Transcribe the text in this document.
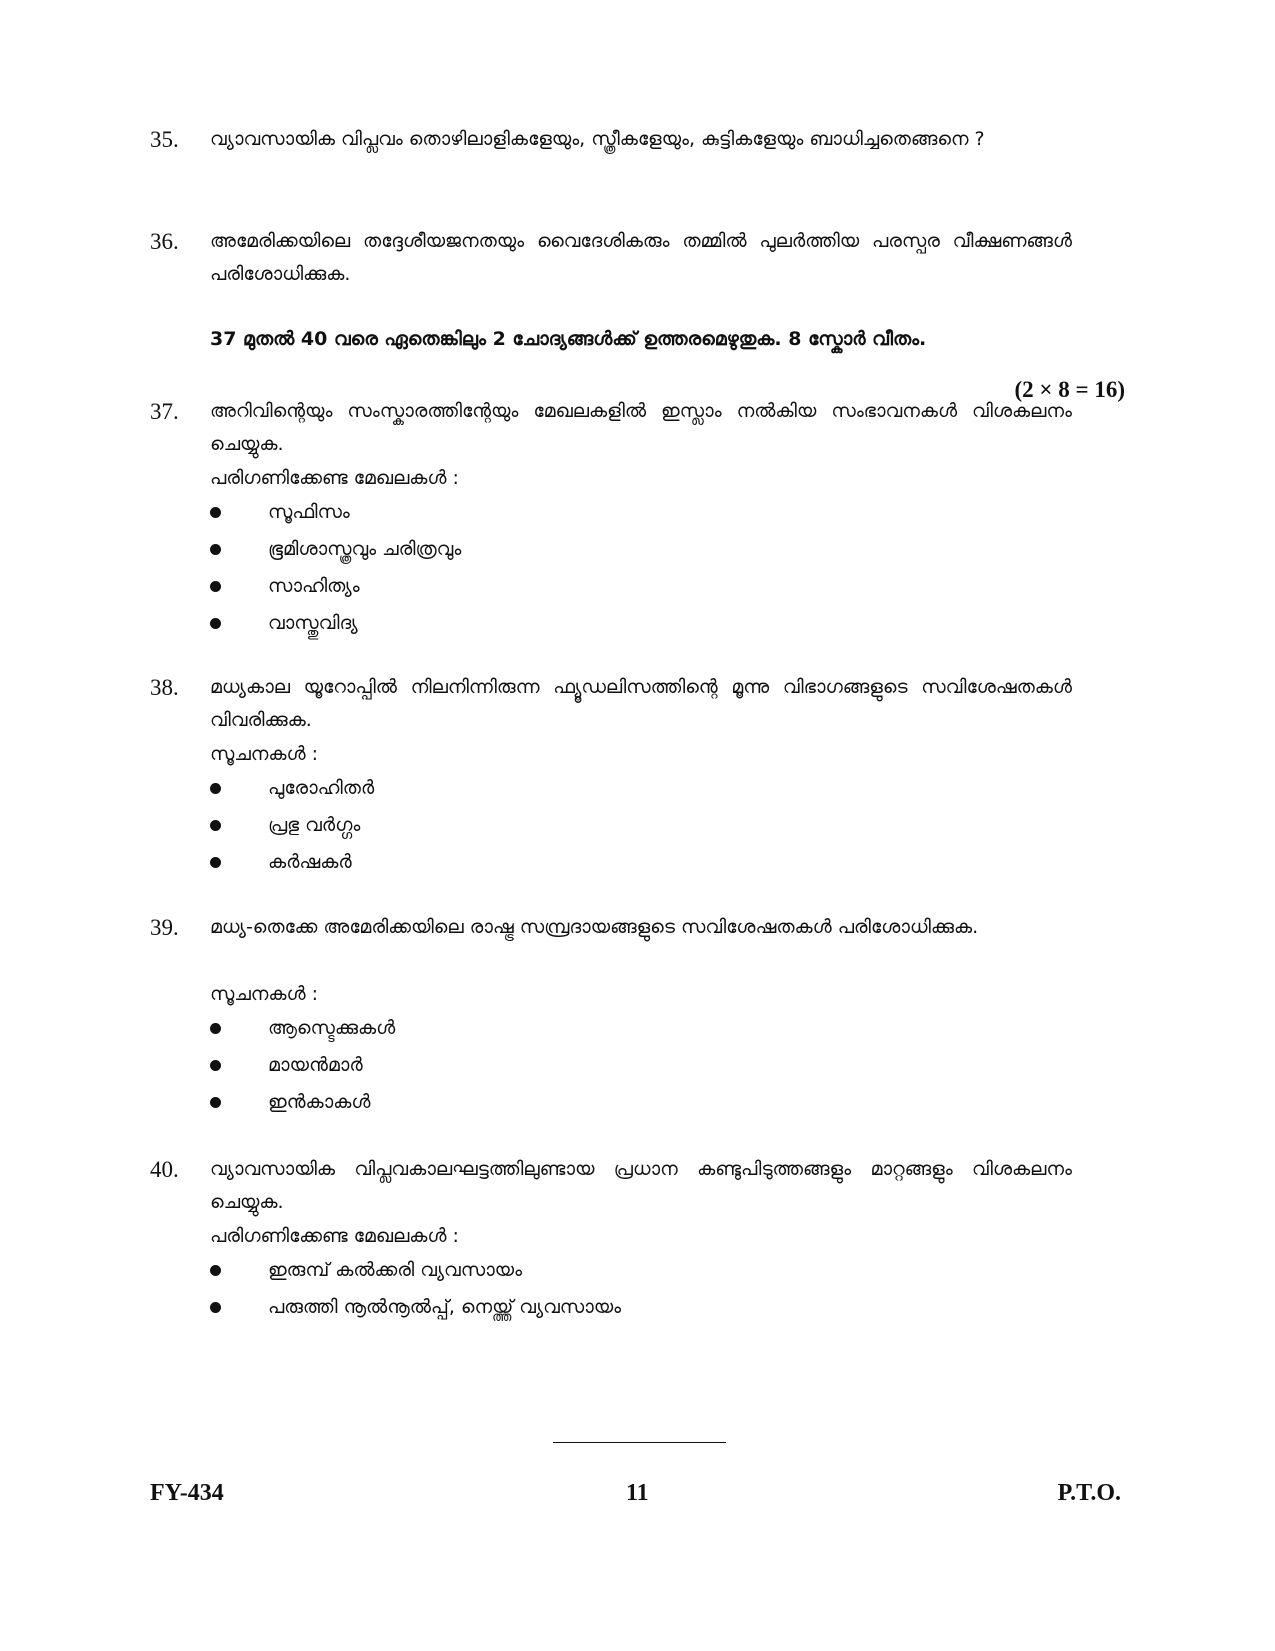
35. വ്യാവസായിക വിപ്ലവം തൊഴിലാളികളേയും, സ്ത്രീകളേയും, കുട്ടികളേയും ബാധിച്ചതെങ്ങനെ ?
36. അമേരിക്കയിലെ തദ്ദേശീയജനതയും വൈദേശികരും തമ്മിൽ പുലർത്തിയ പരസ്പര വീക്ഷണങ്ങൾ പരിശോധിക്കുക.
37 മുതൽ 40 വരെ ഏതെങ്കിലും 2 ചോദ്യങ്ങൾക്ക് ഉത്തരമെഴുതുക. 8 സ്കോർ വീതം.
(2 × 8 = 16)
37. അറിവിന്റെയും സംസ്കാരത്തിന്റേയും മേഖലകളിൽ ഇസ്ലാം നൽകിയ സംഭാവനകൾ വിശകലനം ചെയ്യുക.
പരിഗണിക്കേണ്ട മേഖലകൾ :
സൂഫിസം
ഭൂമിശാസ്ത്രവും ചരിത്രവും
സാഹിത്യം
വാസ്തുവിദ്യ
38. മധ്യകാല യൂറോപ്പിൽ നിലനിന്നിരുന്ന ഫ്യൂഡലിസത്തിന്റെ മൂന്നു വിഭാഗങ്ങളുടെ സവിശേഷതകൾ വിവരിക്കുക.
സൂചനകൾ :
പുരോഹിതർ
പ്രഭു വർഗ്ഗം
കർഷകർ
39. മധ്യ-തെക്കേ അമേരിക്കയിലെ രാഷ്ട്ര സമ്പ്രദായങ്ങളുടെ സവിശേഷതകൾ പരിശോധിക്കുക.
സൂചനകൾ :
ആസ്ടെക്കുകൾ
മായൻമാർ
ഇൻകാകൾ
40. വ്യാവസായിക വിപ്ലവകാലഘട്ടത്തിലുണ്ടായ പ്രധാന കണ്ടുപിടുത്തങ്ങളും മാറ്റങ്ങളും വിശകലനം ചെയ്യുക.
പരിഗണിക്കേണ്ട മേഖലകൾ :
ഇരുമ്പ് കൽക്കരി വ്യവസായം
പരുത്തി നൂൽനൂൽപ്പ്, നെയ്ത്ത് വ്യവസായം
FY-434	11	P.T.O.
